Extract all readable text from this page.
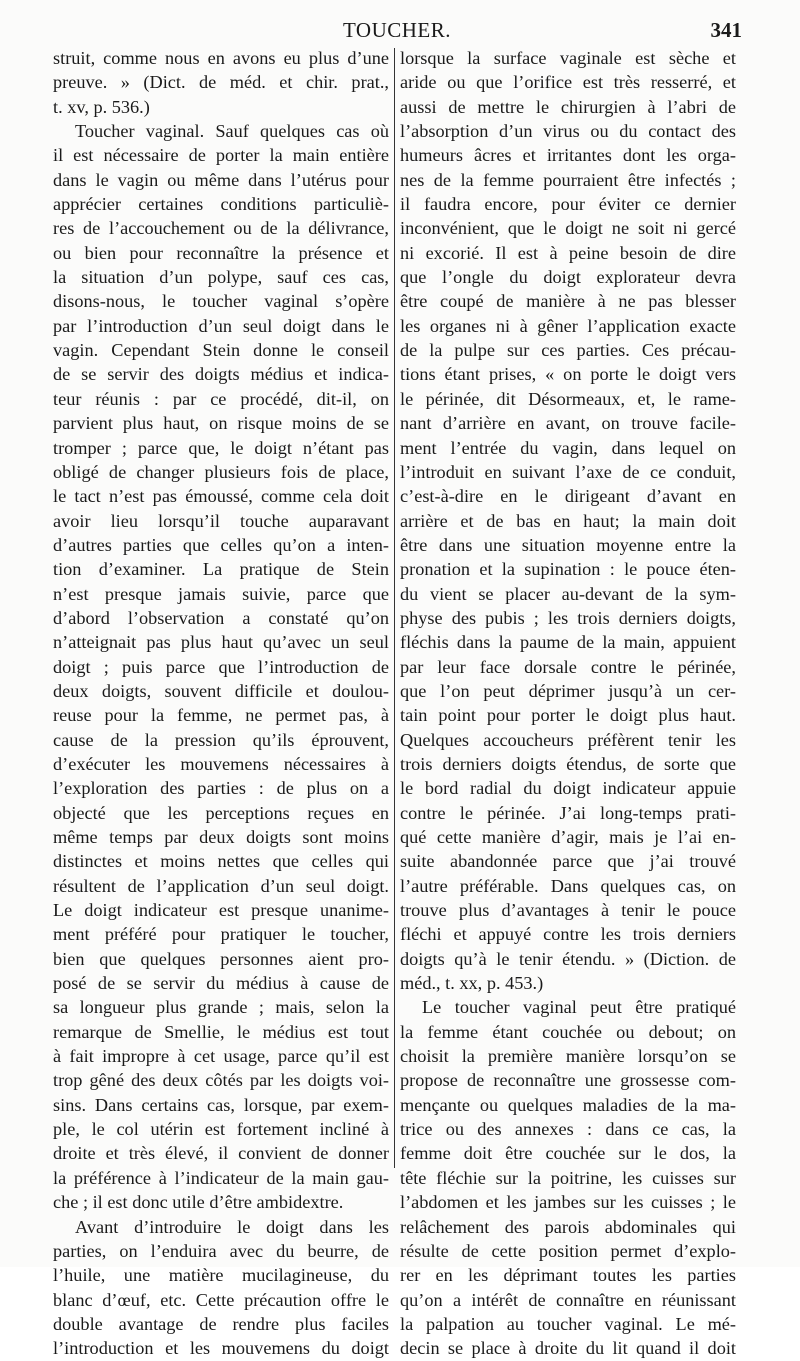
TOUCHER.	341
struit, comme nous en avons eu plus d’une
preuve. » (Dict. de méd. et chir. prat.,
t. xv, p. 536.)
Toucher vaginal. Sauf quelques cas où
il est nécessaire de porter la main entière
dans le vagin ou même dans l’utérus pour
apprécier certaines conditions particuliè-
res de l’accouchement ou de la délivrance,
ou bien pour reconnaître la présence et
la situation d’un polype, sauf ces cas,
disons-nous, le toucher vaginal s’opère
par l’introduction d’un seul doigt dans le
vagin. Cependant Stein donne le conseil
de se servir des doigts médius et indica-
teur réunis : par ce procédé, dit-il, on
parvient plus haut, on risque moins de se
tromper ; parce que, le doigt n’étant pas
obligé de changer plusieurs fois de place,
le tact n’est pas émoussé, comme cela doit
avoir lieu lorsqu’il touche auparavant
d’autres parties que celles qu’on a inten-
tion d’examiner. La pratique de Stein
n’est presque jamais suivie, parce que
d’abord l’observation a constaté qu’on
n’atteignait pas plus haut qu’avec un seul
doigt ; puis parce que l’introduction de
deux doigts, souvent difficile et doulou-
reuse pour la femme, ne permet pas, à
cause de la pression qu’ils éprouvent,
d’exécuter les mouvemens nécessaires à
l’exploration des parties : de plus on a
objecté que les perceptions reçues en
même temps par deux doigts sont moins
distinctes et moins nettes que celles qui
résultent de l’application d’un seul doigt.
Le doigt indicateur est presque unanime-
ment préféré pour pratiquer le toucher,
bien que quelques personnes aient pro-
posé de se servir du médius à cause de
sa longueur plus grande ; mais, selon la
remarque de Smellie, le médius est tout
à fait impropre à cet usage, parce qu’il est
trop gêné des deux côtés par les doigts voi-
sins. Dans certains cas, lorsque, par exem-
ple, le col utérin est fortement incliné à
droite et très élevé, il convient de donner
la préférence à l’indicateur de la main gau-
che ; il est donc utile d’être ambidextre.
Avant d’introduire le doigt dans les
parties, on l’enduira avec du beurre, de
l’huile, une matière mucilagineuse, du
blanc d’œuf, etc. Cette précaution offre le
double avantage de rendre plus faciles
l’introduction et les mouvemens du doigt
lorsque la surface vaginale est sèche et
aride ou que l’orifice est très resserré, et
aussi de mettre le chirurgien à l’abri de
l’absorption d’un virus ou du contact des
humeurs âcres et irritantes dont les orga-
nes de la femme pourraient être infectés ;
il faudra encore, pour éviter ce dernier
inconvénient, que le doigt ne soit ni gercé
ni excorié. Il est à peine besoin de dire
que l’ongle du doigt explorateur devra
être coupé de manière à ne pas blesser
les organes ni à gêner l’application exacte
de la pulpe sur ces parties. Ces précau-
tions étant prises, « on porte le doigt vers
le périnée, dit Désormeaux, et, le rame-
nant d’arrière en avant, on trouve facile-
ment l’entrée du vagin, dans lequel on
l’introduit en suivant l’axe de ce conduit,
c’est-à-dire en le dirigeant d’avant en
arrière et de bas en haut; la main doit
être dans une situation moyenne entre la
pronation et la supination : le pouce éten-
du vient se placer au-devant de la sym-
physe des pubis ; les trois derniers doigts,
fléchis dans la paume de la main, appuient
par leur face dorsale contre le périnée,
que l’on peut déprimer jusqu’à un cer-
tain point pour porter le doigt plus haut.
Quelques accoucheurs préfèrent tenir les
trois derniers doigts étendus, de sorte que
le bord radial du doigt indicateur appuie
contre le périnée. J’ai long-temps prati-
qué cette manière d’agir, mais je l’ai en-
suite abandonnée parce que j’ai trouvé
l’autre préférable. Dans quelques cas, on
trouve plus d’avantages à tenir le pouce
fléchi et appuyé contre les trois derniers
doigts qu’à le tenir étendu. » (Diction. de
méd., t. xx, p. 453.)
Le toucher vaginal peut être pratiqué
la femme étant couchée ou debout; on
choisit la première manière lorsqu’on se
propose de reconnaître une grossesse com-
mençante ou quelques maladies de la ma-
trice ou des annexes : dans ce cas, la
femme doit être couchée sur le dos, la
tête fléchie sur la poitrine, les cuisses sur
l’abdomen et les jambes sur les cuisses ; le
relâchement des parois abdominales qui
résulte de cette position permet d’explo-
rer en les déprimant toutes les parties
qu’on a intérêt de connaître en réunissant
la palpation au toucher vaginal. Le mé-
decin se place à droite du lit quand il doit
